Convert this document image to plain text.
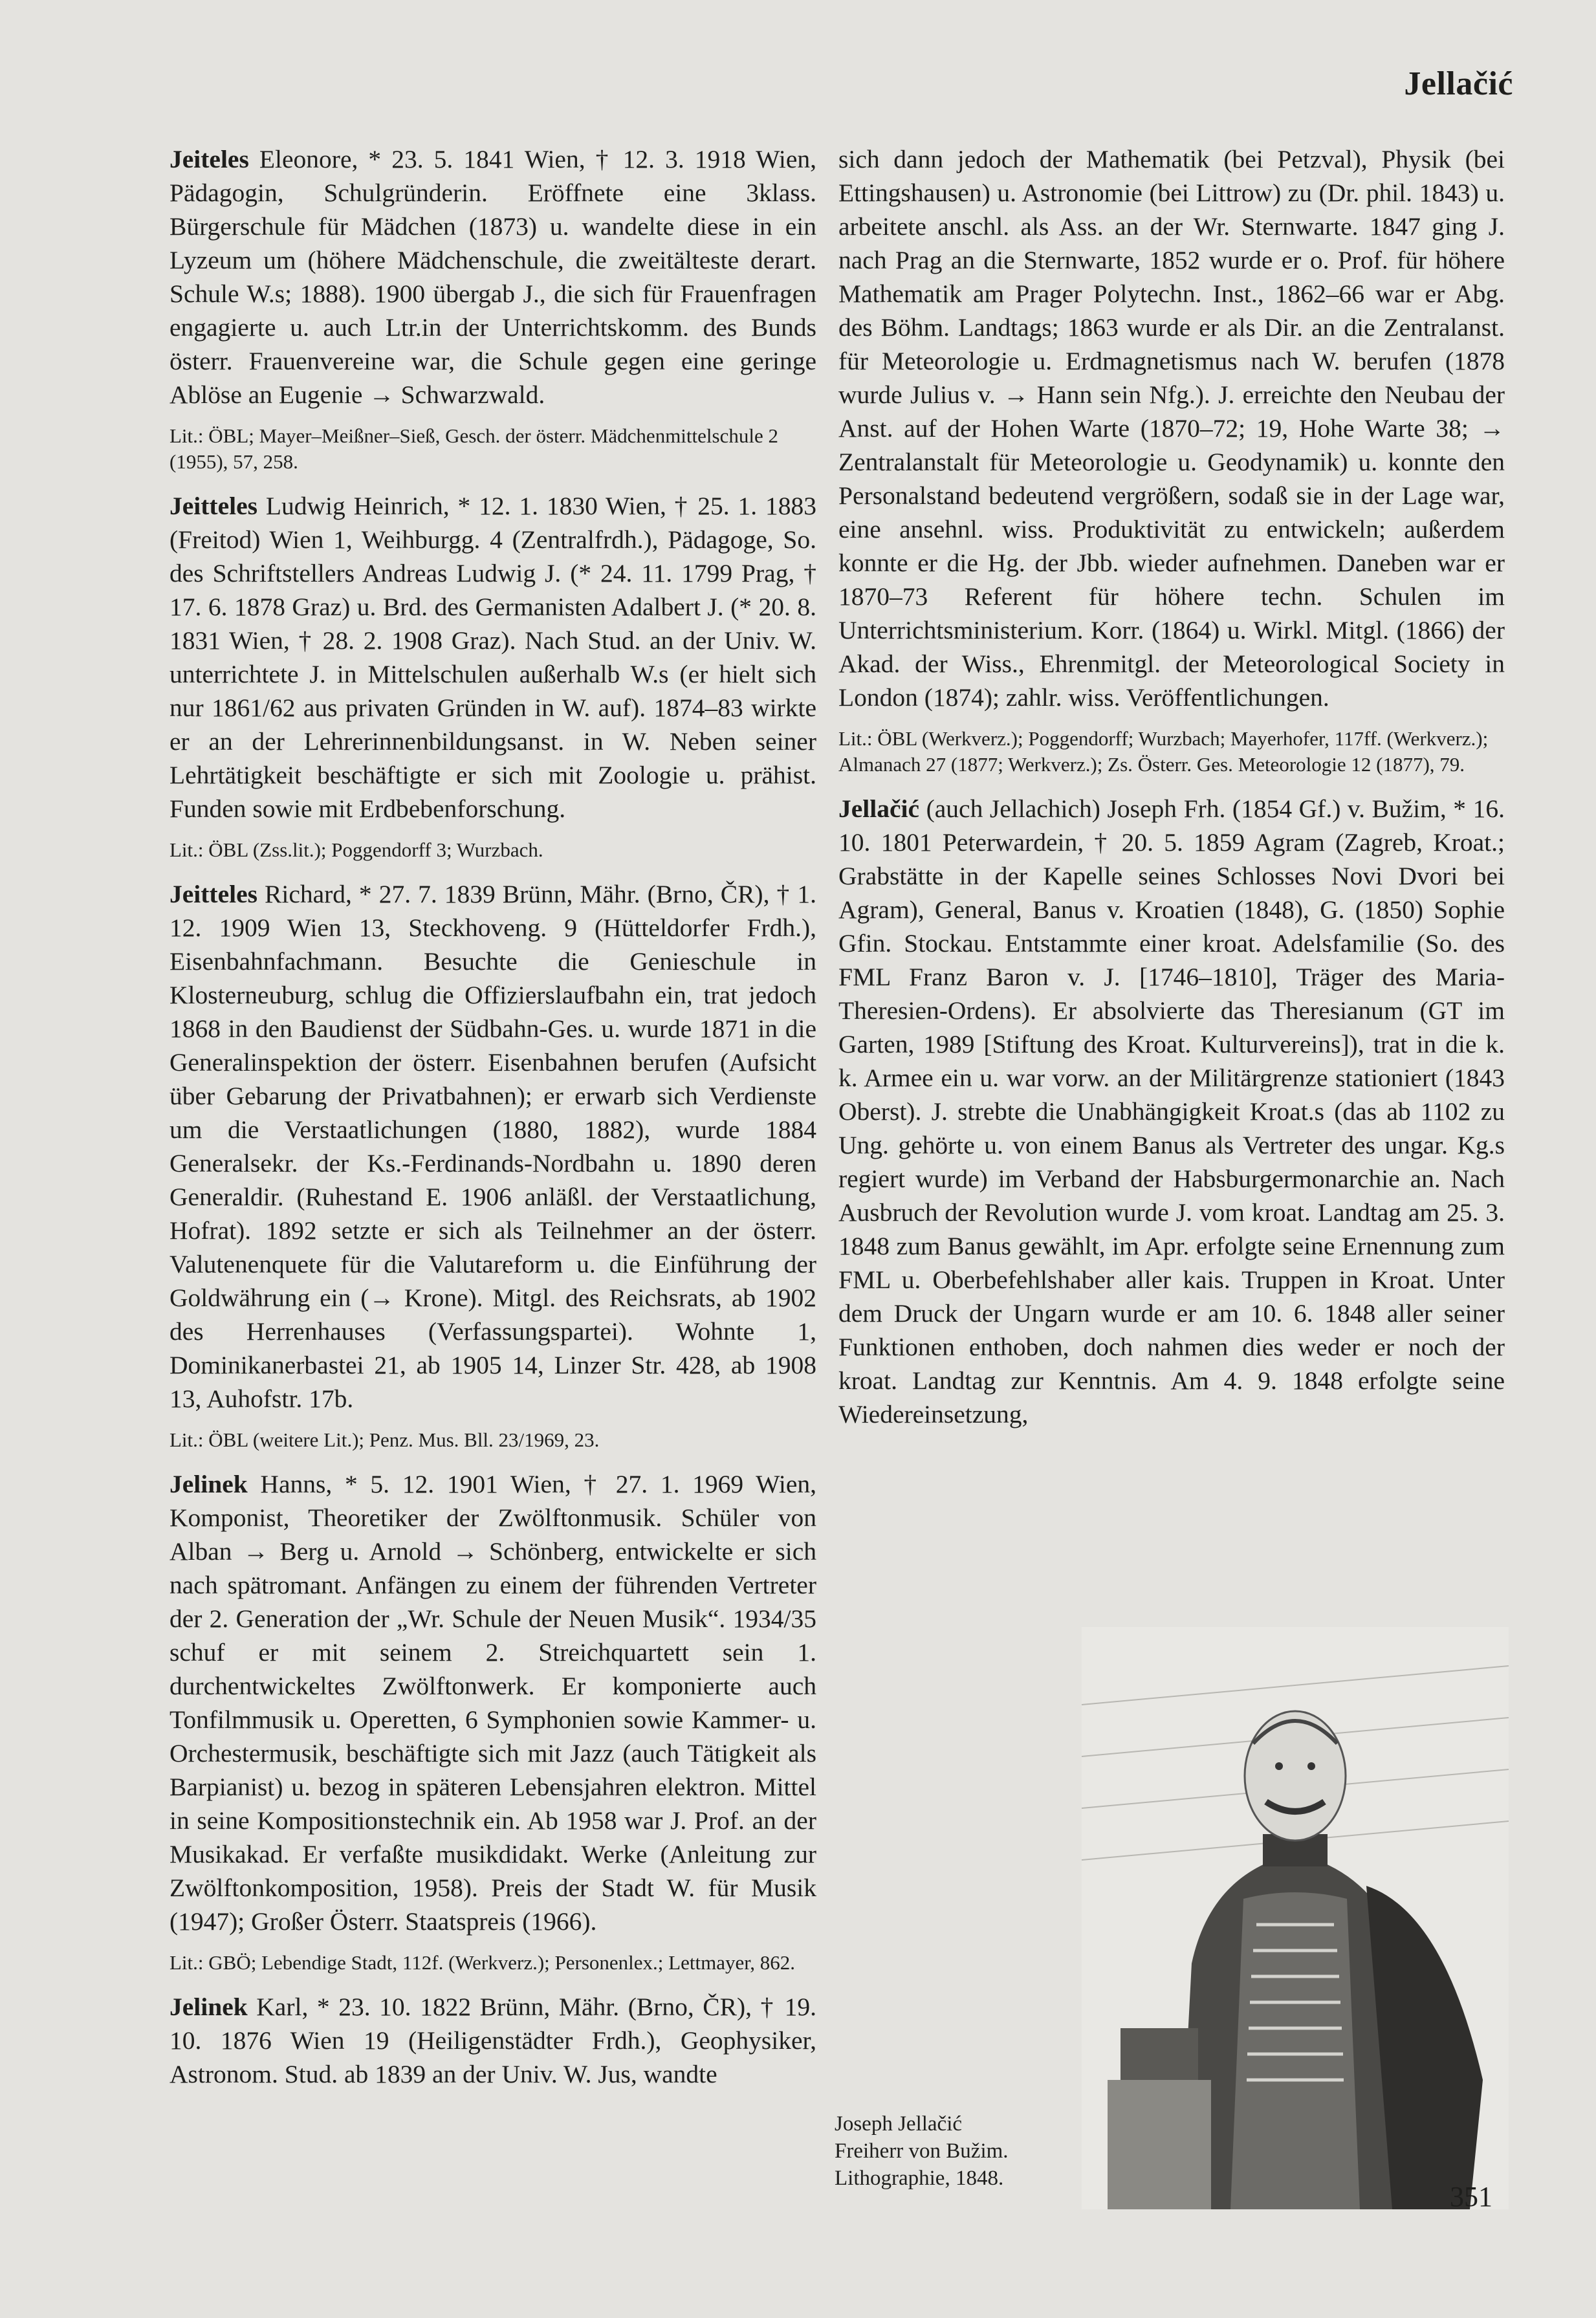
Jellačić
Jeiteles Eleonore, * 23. 5. 1841 Wien, † 12. 3. 1918 Wien, Pädagogin, Schulgründerin. Eröffnete eine 3klass. Bürgerschule für Mädchen (1873) u. wandelte diese in ein Lyzeum um (höhere Mädchenschule, die zweitälteste derart. Schule W.s; 1888). 1900 übergab J., die sich für Frauenfragen engagierte u. auch Ltr.in der Unterrichtskomm. des Bunds österr. Frauenvereine war, die Schule gegen eine geringe Ablöse an Eugenie → Schwarzwald.
Lit.: ÖBL; Mayer–Meißner–Sieß, Gesch. der österr. Mädchenmittelschule 2 (1955), 57, 258.
Jeitteles Ludwig Heinrich, * 12. 1. 1830 Wien, † 25. 1. 1883 (Freitod) Wien 1, Weihburgg. 4 (Zentralfrdh.), Pädagoge, So. des Schriftstellers Andreas Ludwig J. (* 24. 11. 1799 Prag, † 17. 6. 1878 Graz) u. Brd. des Germanisten Adalbert J. (* 20. 8. 1831 Wien, † 28. 2. 1908 Graz). Nach Stud. an der Univ. W. unterrichtete J. in Mittelschulen außerhalb W.s (er hielt sich nur 1861/62 aus privaten Gründen in W. auf). 1874–83 wirkte er an der Lehrerinnenbildungsanst. in W. Neben seiner Lehrtätigkeit beschäftigte er sich mit Zoologie u. prähist. Funden sowie mit Erdbebenforschung.
Lit.: ÖBL (Zss.lit.); Poggendorff 3; Wurzbach.
Jeitteles Richard, * 27. 7. 1839 Brünn, Mähr. (Brno, ČR), † 1. 12. 1909 Wien 13, Steckhoveng. 9 (Hütteldorfer Frdh.), Eisenbahnfachmann. Besuchte die Genieschule in Klosterneuburg, schlug die Offizierslaufbahn ein, trat jedoch 1868 in den Baudienst der Südbahn-Ges. u. wurde 1871 in die Generalinspektion der österr. Eisenbahnen berufen (Aufsicht über Gebarung der Privatbahnen); er erwarb sich Verdienste um die Verstaatlichungen (1880, 1882), wurde 1884 Generalsekr. der Ks.-Ferdinands-Nordbahn u. 1890 deren Generaldir. (Ruhestand E. 1906 anläßl. der Verstaatlichung, Hofrat). 1892 setzte er sich als Teilnehmer an der österr. Valutenenquete für die Valutareform u. die Einführung der Goldwährung ein (→ Krone). Mitgl. des Reichsrats, ab 1902 des Herrenhauses (Verfassungspartei). Wohnte 1, Dominikanerbastei 21, ab 1905 14, Linzer Str. 428, ab 1908 13, Auhofstr. 17b.
Lit.: ÖBL (weitere Lit.); Penz. Mus. Bll. 23/1969, 23.
Jelinek Hanns, * 5. 12. 1901 Wien, † 27. 1. 1969 Wien, Komponist, Theoretiker der Zwölftonmusik. Schüler von Alban → Berg u. Arnold → Schönberg, entwickelte er sich nach spätromant. Anfängen zu einem der führenden Vertreter der 2. Generation der „Wr. Schule der Neuen Musik“. 1934/35 schuf er mit seinem 2. Streichquartett sein 1. durchentwickeltes Zwölftonwerk. Er komponierte auch Tonfilmmusik u. Operetten, 6 Symphonien sowie Kammer- u. Orchestermusik, beschäftigte sich mit Jazz (auch Tätigkeit als Barpianist) u. bezog in späteren Lebensjahren elektron. Mittel in seine Kompositionstechnik ein. Ab 1958 war J. Prof. an der Musikakad. Er verfaßte musikdidakt. Werke (Anleitung zur Zwölftonkomposition, 1958). Preis der Stadt W. für Musik (1947); Großer Österr. Staatspreis (1966).
Lit.: GBÖ; Lebendige Stadt, 112f. (Werkverz.); Personenlex.; Lettmayer, 862.
Jelinek Karl, * 23. 10. 1822 Brünn, Mähr. (Brno, ČR), † 19. 10. 1876 Wien 19 (Heiligenstädter Frdh.), Geophysiker, Astronom. Stud. ab 1839 an der Univ. W. Jus, wandte
sich dann jedoch der Mathematik (bei Petzval), Physik (bei Ettingshausen) u. Astronomie (bei Littrow) zu (Dr. phil. 1843) u. arbeitete anschl. als Ass. an der Wr. Sternwarte. 1847 ging J. nach Prag an die Sternwarte, 1852 wurde er o. Prof. für höhere Mathematik am Prager Polytechn. Inst., 1862–66 war er Abg. des Böhm. Landtags; 1863 wurde er als Dir. an die Zentralanst. für Meteorologie u. Erdmagnetismus nach W. berufen (1878 wurde Julius v. → Hann sein Nfg.). J. erreichte den Neubau der Anst. auf der Hohen Warte (1870–72; 19, Hohe Warte 38; → Zentralanstalt für Meteorologie u. Geodynamik) u. konnte den Personalstand bedeutend vergrößern, sodaß sie in der Lage war, eine ansehnl. wiss. Produktivität zu entwickeln; außerdem konnte er die Hg. der Jbb. wieder aufnehmen. Daneben war er 1870–73 Referent für höhere techn. Schulen im Unterrichtsministerium. Korr. (1864) u. Wirkl. Mitgl. (1866) der Akad. der Wiss., Ehrenmitgl. der Meteorological Society in London (1874); zahlr. wiss. Veröffentlichungen.
Lit.: ÖBL (Werkverz.); Poggendorff; Wurzbach; Mayerhofer, 117ff. (Werkverz.); Almanach 27 (1877; Werkverz.); Zs. Österr. Ges. Meteorologie 12 (1877), 79.
Jellačić (auch Jellachich) Joseph Frh. (1854 Gf.) v. Bužim, * 16. 10. 1801 Peterwardein, † 20. 5. 1859 Agram (Zagreb, Kroat.; Grabstätte in der Kapelle seines Schlosses Novi Dvori bei Agram), General, Banus v. Kroatien (1848), G. (1850) Sophie Gfin. Stockau. Entstammte einer kroat. Adelsfamilie (So. des FML Franz Baron v. J. [1746–1810], Träger des Maria-Theresien-Ordens). Er absolvierte das Theresianum (GT im Garten, 1989 [Stiftung des Kroat. Kulturvereins]), trat in die k. k. Armee ein u. war vorw. an der Militärgrenze stationiert (1843 Oberst). J. strebte die Unabhängigkeit Kroat.s (das ab 1102 zu Ung. gehörte u. von einem Banus als Vertreter des ungar. Kg.s regiert wurde) im Verband der Habsburgermonarchie an. Nach Ausbruch der Revolution wurde J. vom kroat. Landtag am 25. 3. 1848 zum Banus gewählt, im Apr. erfolgte seine Ernennung zum FML u. Oberbefehlshaber aller kais. Truppen in Kroat. Unter dem Druck der Ungarn wurde er am 10. 6. 1848 aller seiner Funktionen enthoben, doch nahmen dies weder er noch der kroat. Landtag zur Kenntnis. Am 4. 9. 1848 erfolgte seine Wiedereinsetzung,
Joseph Jellačić
Freiherr von Bužim.
Lithographie, 1848.
351
